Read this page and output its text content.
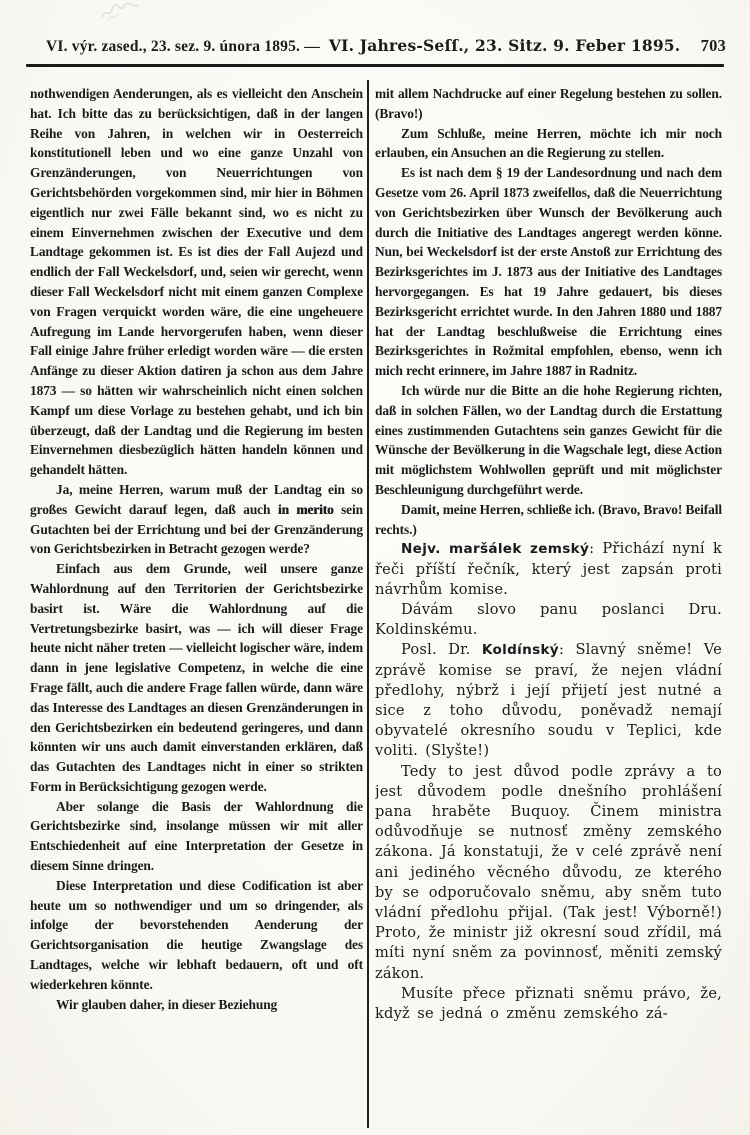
VI. výr. zased., 23. sez. 9. února 1895. — VI. Jahres-Seſſ., 23. Sitz. 9. Feber 1895. 703

nothwendigen Aenderungen, als es vielleicht den Anschein hat. Ich bitte das zu berücksichtigen, daß in der langen Reihe von Jahren, in welchen wir in Oesterreich konstitutionell leben und wo eine ganze Unzahl von Grenzänderungen, von Neuerrichtungen von Gerichtsbehörden vorgekommen sind, mir hier in Böhmen eigentlich nur zwei Fälle bekannt sind, wo es nicht zu einem Einvernehmen zwischen der Executive und dem Landtage gekommen ist. Es ist dies der Fall Aujezd und endlich der Fall Weckelsdorf, und, seien wir gerecht, wenn dieser Fall Weckelsdorf nicht mit einem ganzen Complexe von Fragen verquickt worden wäre, die eine ungeheuere Aufregung im Lande hervorgerufen haben, wenn dieser Fall einige Jahre früher erledigt worden wäre — die ersten Anfänge zu dieser Aktion datiren ja schon aus dem Jahre 1873 — so hätten wir wahrscheinlich nicht einen solchen Kampf um diese Vorlage zu bestehen gehabt, und ich bin überzeugt, daß der Landtag und die Regierung im besten Einvernehmen diesbezüglich hätten handeln können und gehandelt hätten.

Ja, meine Herren, warum muß der Landtag ein so großes Gewicht darauf legen, daß auch in merito sein Gutachten bei der Errichtung und bei der Grenzänderung von Gerichtsbezirken in Betracht gezogen werde?

Einfach aus dem Grunde, weil unsere ganze Wahlordnung auf den Territorien der Gerichtsbezirke basirt ist. Wäre die Wahlordnung auf die Vertretungsbezirke basirt, was — ich will dieser Frage heute nicht näher treten — vielleicht logischer wäre, indem dann in jene legislative Competenz, in welche die eine Frage fällt, auch die andere Frage fallen würde, dann wäre das Interesse des Landtages an diesen Grenzänderungen in den Gerichtsbezirken ein bedeutend geringeres, und dann könnten wir uns auch damit einverstanden erklären, daß das Gutachten des Landtages nicht in einer so strikten Form in Berücksichtigung gezogen werde.

Aber solange die Basis der Wahlordnung die Gerichtsbezirke sind, insolange müssen wir mit aller Entschiedenheit auf eine Interpretation der Gesetze in diesem Sinne dringen.

Diese Interpretation und diese Codification ist aber heute um so nothwendiger und um so dringender, als infolge der bevorstehenden Aenderung der Gerichtsorganisation die heutige Zwangslage des Landtages, welche wir lebhaft bedauern, oft und oft wiederkehren könnte.

Wir glauben daher, in dieser Beziehung

mit allem Nachdrucke auf einer Regelung bestehen zu sollen. (Bravo!)

Zum Schluße, meine Herren, möchte ich mir noch erlauben, ein Ansuchen an die Regierung zu stellen.

Es ist nach dem § 19 der Landesordnung und nach dem Gesetze vom 26. April 1873 zweifellos, daß die Neuerrichtung von Gerichtsbezirken über Wunsch der Bevölkerung auch durch die Initiative des Landtages angeregt werden könne. Nun, bei Weckelsdorf ist der erste Anstoß zur Errichtung des Bezirksgerichtes im J. 1873 aus der Initiative des Landtages hervorgegangen. Es hat 19 Jahre gedauert, bis dieses Bezirksgericht errichtet wurde. In den Jahren 1880 und 1887 hat der Landtag beschlußweise die Errichtung eines Bezirksgerichtes in Rožmital empfohlen, ebenso, wenn ich mich recht erinnere, im Jahre 1887 in Radnitz.

Ich würde nur die Bitte an die hohe Regierung richten, daß in solchen Fällen, wo der Landtag durch die Erstattung eines zustimmenden Gutachtens sein ganzes Gewicht für die Wünsche der Bevölkerung in die Wagschale legt, diese Action mit möglichstem Wohlwollen geprüft und mit möglichster Beschleunigung durchgeführt werde.

Damit, meine Herren, schließe ich. (Bravo, Bravo! Beifall rechts.)

Nejv. maršálek zemský: Přichází nyní k řeči příští řečník, který jest zapsán proti návrhům komise.

Dávám slovo panu poslanci Dru. Koldinskému.

Posl. Dr. Koldínský: Slavný sněme! Ve zprávě komise se praví, že nejen vládní předlohy, nýbrž i její přijetí jest nutné a sice z toho důvodu, poněvadž nemají obyvatelé okresního soudu v Teplici, kde voliti. (Slyšte!)

Tedy to jest důvod podle zprávy a to jest důvodem podle dnešního prohlášení pana hraběte Buquoy. Činem ministra odůvodňuje se nutnosť změny zemského zákona. Já konstatuji, že v celé zprávě není ani jediného věcného důvodu, ze kterého by se odporučovalo sněmu, aby sněm tuto vládní předlohu přijal. (Tak jest! Výborně!) Proto, že ministr již okresní soud zřídil, má míti nyní sněm za povinnosť, měniti zemský zákon.

Musíte přece přiznati sněmu právo, že, když se jedná o změnu zemského zá-
